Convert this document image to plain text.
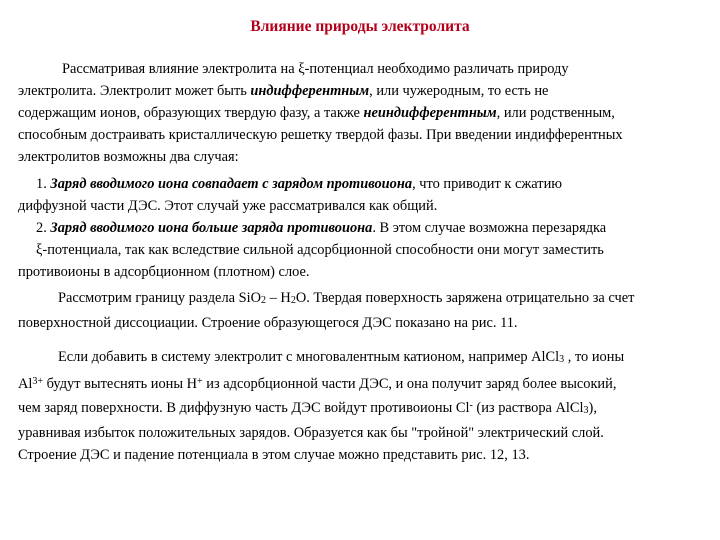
Влияние природы электролита
Рассматривая влияние электролита на ξ-потенциал необходимо различать природу
электролита. Электролит может быть индифферентным, или чужеродным, то есть не
содержащим ионов, образующих твердую фазу, а также неиндифферентным, или родственным,
способным достраивать кристаллическую решетку твердой фазы. При введении индифферентных
электролитов возможны два случая:
1. Заряд вводимого иона совпадает с зарядом противоиона, что приводит к сжатию
диффузной части ДЭС. Этот случай уже рассматривался как общий.
2. Заряд вводимого иона больше заряда противоиона. В этом случае возможна перезарядка
ξ-потенциала, так как вследствие сильной адсорбционной способности они могут заместить
противоионы в адсорбционном (плотном) слое.
Рассмотрим границу раздела SiO2 – H2O. Твердая поверхность заряжена отрицательно за счет
поверхностной диссоциации. Строение образующегося ДЭС показано на рис. 11.
Если добавить в систему электролит с многовалентным катионом, например AlCl3 , то ионы
$Al^{3+}$ будут вытеснять ионы H+ из адсорбционной части ДЭС, и она получит заряд более высокий,
чем заряд поверхности. В диффузную часть ДЭС войдут противоионы Cl- (из раствора AlCl3),
уравнивая избыток положительных зарядов. Образуется как бы "тройной" электрический слой.
Строение ДЭС и падение потенциала в этом случае можно представить рис. 12, 13.
